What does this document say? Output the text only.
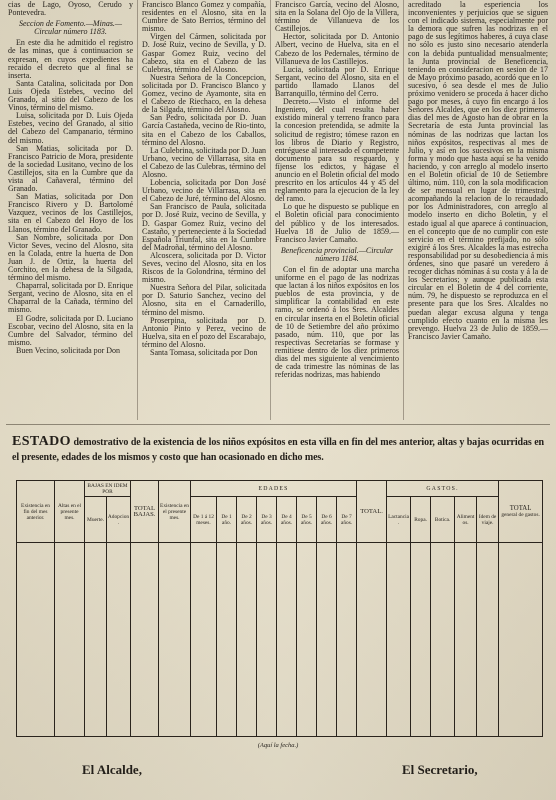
cias de Lago, Oyoso, Cerudo y Pontevedra.

Seccion de Fomento.—Minas.—Circular número 1183.

En este dia he admitido el registro de las minas, que á continuacion se expresan, en cuyos expedientes ha recaido el decreto que al final se inserta.

Santa Catalina, solicitada por Don Luis Ojeda Estebes, vecino del Granado, al sitio del Cabezo de los Vinos, término del mismo.

Luisa, solicitada por D. Luis Ojeda Estebes, vecino del Granado, al sitio del Cabezo del Campanario, término del mismo.

San Matias, solicitada por D. Francisco Patricio de Mora, presidente de la sociedad Lusitano, vecino de los Castillejos, sita en la Cumbre que da vista al Cañaveral, término del Granado.

San Matias, solicitada por Don Francisco Rivero y D. Bartolomé Vazquez, vecinos de los Castillejos, sita en el Cabezo del Hoyo de los Llanos, término del Granado.

San Nombre, solicitada por Don Victor Seves, vecino del Alosno, sita en la Colada, entre la huerta de Don Juan J. de Ortiz, la huerta del Corchito, en la dehesa de la Silgada, término del mismo.

Chaparral, solicitada por D. Enrique Sergant, vecino de Alosno, sita en el Chaparral de la Cañada, término del mismo.

El Godre, solicitada por D. Luciano Escobar, vecino del Alosno, sita en la Cumbre del Salvador, término del mismo.

Buen Vecino, solicitada por Don

Francisco Blanco Gomez y compañía, residentes en el Alosno, sita en la Cumbre de Sato Berrios, término del mismo.

Virgen del Cármen, solicitada por D. José Ruiz, vecino de Sevilla, y D. Gaspar Gomez Ruiz, vecino del Cabezo, sita en el Cabezo de las Culebras, término del Alosno.

Nuestra Señora de la Concepcion, solicitada por D. Francisco Blanco y Gomez, vecino de Ayamonte, sita en el Cabezo de Riechaco, en la dehesa de la Silgada, término del Alosno.

San Pedro, solicitada por D. Juan García Castañeda, vecino de Rio-tinto, sita en el Cabezo de los Caballos, término del Alosno.

La Culebrina, solicitada por D. Juan Urbano, vecino de Villarrasa, sita en el Cabezo de las Culebras, término del Alosno.

Lobencia, solicitada por Don José Urbano, vecino de Villarrasa, sita en el Cabezo de Juré, término del Alosno.

San Francisco de Paula, solicitada por D. José Ruiz, vecino de Sevilla, y D. Gaspar Gomez Ruiz, vecino del Castaño, y perteneciente á la Sociedad Española Triunfal, sita en la Cumbre del Madroñal, término del Alosno.

Alcoscera, solicitada por D. Victor Seves, vecino del Alosno, sita en los Riscos de la Golondrina, término del mismo.

Nuestra Señora del Pilar, solicitada por D. Saturio Sanchez, vecino del Alosno, sita en el Carnaderillo, término del mismo.

Proserpina, solicitada por D. Antonio Pinto y Perez, vecino de Huelva, sita en el pozo del Escarabajo, término del Alosno.

Santa Tomasa, solicitada por Don

Francisco García, vecino del Alosno, sita en la Solana del Ojo de la Villera, término de Villanueva de los Castillejos.

Hector, solicitada por D. Antonio Albert, vecino de Huelva, sita en el Cabezo de los Pedernales, término de Villanueva de los Castillejos.

Lucia, solicitada por D. Enrique Sergant, vecino del Alosno, sita en el partido llamado Llanos del Barranquillo, término del Cerro.

Decreto.—Visto el informe del Ingeniero, del cual resulta haber existido mineral y terreno franco para la concesion pretendida, se admite la solicitud de registro; tómese razon en los libros de Diario y Registro, entréguese al interesado el competente documento para su resguardo, y fíjense los edictos, y hágase el anuncio en el Boletin oficial del modo prescrito en los artículos 44 y 45 del reglamento para la ejecucion de la ley del ramo.

Lo que he dispuesto se publique en el Boletin oficial para conocimiento del público y de los interesados. Huelva 18 de Julio de 1859.—Francisco Javier Camaño.

Beneficencia provincial.—Circular número 1184.

Con el fin de adoptar una marcha uniforme en el pago de las nodrizas que lactan á los niños expósitos en los pueblos de esta provincia, y de simplificar la contabilidad en este ramo, se ordenó á los Sres. Alcaldes en circular inserta en el Boletin oficial de 10 de Setiembre del año próximo pasado, núm. 110, que por las respectivas Secretarías se formase y remitiese dentro de los diez primeros dias del mes siguiente al vencimiento de cada trimestre las nóminas de las referidas nodrizas, mas habiendo

acreditado la esperiencia los inconvenientes y perjuicios que se siguen con el indicado sistema, especialmente por la demora que sufren las nodrizas en el pago de sus legítimos haberes, á cuya clase no sólo es justo sino necesario atenderla con la debida puntualidad mensualmente; la Junta provincial de Beneficencia, teniendo en consideracion en sesion de 17 de Mayo próximo pasado, acordó que en lo sucesivo, ó sea desde el mes de Julio próximo venidero se proceda á hacer dicho pago por meses, á cuyo fin encargo á los Señores Alcaldes, que en los diez primeros dias del mes de Agosto han de obrar en la Secretaría de esta Junta provincial las nóminas de las nodrizas que lactan los niños expósitos, respectivas al mes de Julio, y así en los sucesivos en la misma forma y modo que hasta aquí se ha venido haciendo, y con arreglo al modelo inserto en el Boletin oficial de 10 de Setiembre último, núm. 110, con la sola modificacion de ser mensual en lugar de trimestral, acompañando la relacion de lo recaudado por los Administradores, con arreglo al modelo inserto en dicho Boletin, y el estado igual al que aparece á continuacion, en el concepto que de no cumplir con este servicio en el término prefijado, no sólo exigiré á los Sres. Alcaldes la mas estrecha responsabilidad por su desobediencia á mis órdenes, sino que pasaré un veredero á recoger dichas nóminas á su costa y á la de los Secretarios; y aunque publicada esta circular en el Boletin de 4 del corriente, núm. 79, he dispuesto se reproduzca en el presente para que los Sres. Alcaldes no puedan alegar excusa alguna y tenga cumplido efecto cuanto en la misma les prevengo. Huelva 23 de Julio de 1859.—Francisco Javier Camaño.

ESTADO demostrativo de la existencia de los niños expósitos en esta villa en fin del mes anterior, altas y bajas ocurridas en el presente, edades de los mismos y costo que han ocasionado en dicho mes.
Existencia en fin del mes anterior.	Altas en el presente mes.	BAJAS EN IDEM POR		TOTAL BAJAS.	Existencia en el presente mes.	EDADES								TOTAL.	GASTOS.					TOTAL
general de gastos.
		Muerte.	Adopcion.			De 1 á 12 meses.	De 1 año.	De 2 años.	De 3 años.	De 4 años.	De 5 años.	De 6 años.	De 7 años.		Lactancia.	Ropa.	Botica.	Alimentos.	Idem de viaje.	

(Aquí la fecha.)
El Alcalde,	El Secretario,
